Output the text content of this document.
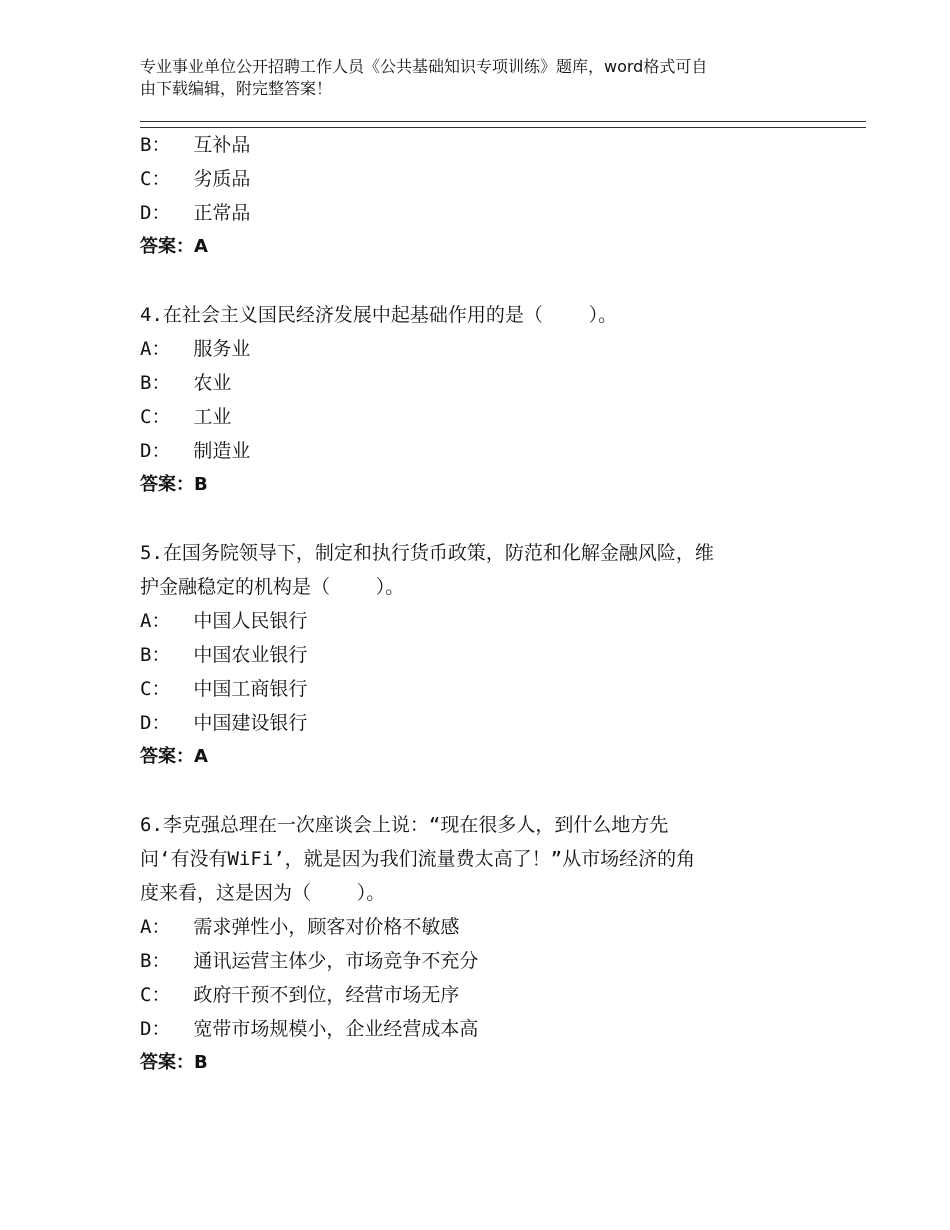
专业事业单位公开招聘工作人员《公共基础知识专项训练》题库，word格式可自
由下载编辑，附完整答案！
B：  互补品
C：  劣质品
D：  正常品
答案：A
4.在社会主义国民经济发展中起基础作用的是（    ）。
A：  服务业
B：  农业
C：  工业
D：  制造业
答案：B
5.在国务院领导下，制定和执行货币政策，防范和化解金融风险，维
护金融稳定的机构是（    ）。
A：  中国人民银行
B：  中国农业银行
C：  中国工商银行
D：  中国建设银行
答案：A
6.李克强总理在一次座谈会上说：“现在很多人，到什么地方先
问‘有没有WiFi’，就是因为我们流量费太高了！”从市场经济的角
度来看，这是因为（    ）。
A：  需求弹性小，顾客对价格不敏感
B：  通讯运营主体少，市场竞争不充分
C：  政府干预不到位，经营市场无序
D：  宽带市场规模小，企业经营成本高
答案：B
